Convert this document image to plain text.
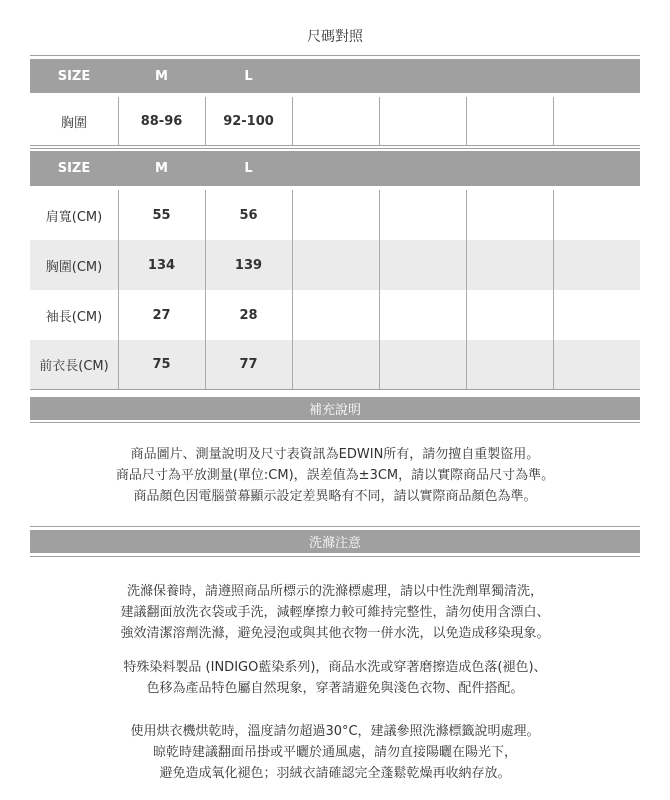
尺碼對照
SIZE	M	L
胸圍	88-96	92-100
SIZE	M	L
肩寬(CM)	55	56
胸圍(CM)	134	139
袖長(CM)	27	28
前衣長(CM)	75	77
補充說明
商品圖片、測量說明及尺寸表資訊為EDWIN所有，請勿擅自重製盜用。
商品尺寸為平放測量(單位:CM)，誤差值為±3CM，請以實際商品尺寸為準。
商品顏色因電腦螢幕顯示設定差異略有不同，請以實際商品顏色為準。
洗滌注意
洗滌保養時，請遵照商品所標示的洗滌標處理，請以中性洗劑單獨清洗，
建議翻面放洗衣袋或手洗，減輕摩擦力較可維持完整性，請勿使用含漂白、
強效清潔溶劑洗滌，避免浸泡或與其他衣物一併水洗，以免造成移染現象。
特殊染料製品 (INDIGO藍染系列)，商品水洗或穿著磨擦造成色落(褪色)、
色移為產品特色屬自然現象，穿著請避免與淺色衣物、配件搭配。
使用烘衣機烘乾時，溫度請勿超過30°C，建議參照洗滌標籤說明處理。
晾乾時建議翻面吊掛或平曬於通風處，請勿直接陽曬在陽光下，
避免造成氧化褪色；羽絨衣請確認完全蓬鬆乾燥再收納存放。
